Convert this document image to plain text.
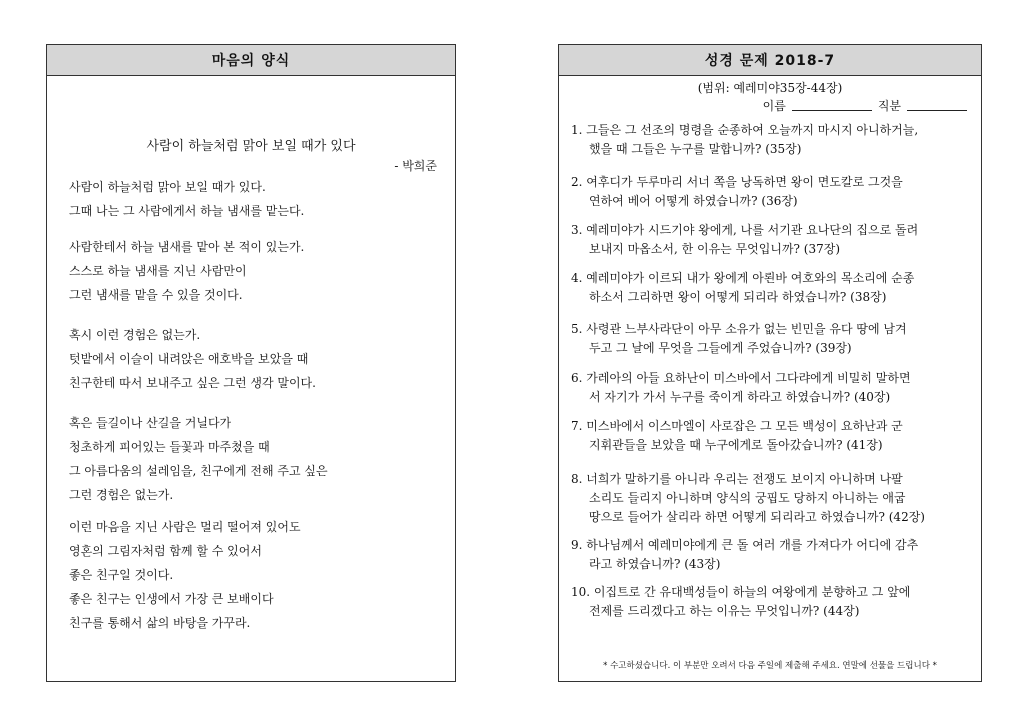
마음의 양식
사람이 하늘처럼 맑아 보일 때가 있다
- 박희준
사람이 하늘처럼 맑아 보일 때가 있다.
그때 나는 그 사람에게서 하늘 냄새를 맡는다.
사람한테서 하늘 냄새를 맡아 본 적이 있는가.
스스로 하늘 냄새를 지닌 사람만이
그런 냄새를 맡을 수 있을 것이다.
혹시 이런 경험은 없는가.
텃밭에서 이슬이 내려앉은 애호박을 보았을 때
친구한테 따서 보내주고 싶은 그런 생각 말이다.
혹은 들길이나 산길을 거닐다가
청초하게 피어있는 들꽃과 마주쳤을 때
그 아름다움의 설레임을, 친구에게 전해 주고 싶은
그런 경험은 없는가.
이런 마음을 지닌 사람은 멀리 떨어져 있어도
영혼의 그림자처럼 함께 할 수 있어서
좋은 친구일 것이다.
좋은 친구는 인생에서 가장 큰 보배이다
친구를 통해서 삶의 바탕을 가꾸라.
성경 문제 2018-7
(범위: 예레미야35장-44장)
이름	직분
1. 그들은 그 선조의 명령을 순종하여 오늘까지 마시지 아니하거늘,
했을 때 그들은 누구를 말합니까? (35장)
2. 여후디가 두루마리 서너 쪽을 낭독하면 왕이 면도칼로 그것을
연하여 베어 어떻게 하였습니까? (36장)
3. 예레미야가 시드기야 왕에게, 나를 서기관 요나단의 집으로 돌려
보내지 마옵소서, 한 이유는 무엇입니까? (37장)
4. 예레미야가 이르되 내가 왕에게 아뢴바 여호와의 목소리에 순종
하소서 그리하면 왕이 어떻게 되리라 하였습니까? (38장)
5. 사령관 느부사라단이 아무 소유가 없는 빈민을 유다 땅에 남겨
두고 그 날에 무엇을 그들에게 주었습니까? (39장)
6. 가레아의 아들 요하난이 미스바에서 그다랴에게 비밀히 말하면
서 자기가 가서 누구를 죽이게 하라고 하였습니까? (40장)
7. 미스바에서 이스마엘이 사로잡은 그 모든 백성이 요하난과 군
지휘관들을 보았을 때 누구에게로 돌아갔습니까? (41장)
8. 너희가 말하기를 아니라 우리는 전쟁도 보이지 아니하며 나팔
소리도 들리지 아니하며 양식의 궁핍도 당하지 아니하는 애굽
땅으로 들어가 살리라 하면 어떻게 되리라고 하였습니까? (42장)
9. 하나님께서 예레미야에게 큰 돌 여러 개를 가져다가 어디에 감추
라고 하였습니까? (43장)
10. 이집트로 간 유대백성들이 하늘의 여왕에게 분향하고 그 앞에
전제를 드리겠다고 하는 이유는 무엇입니까? (44장)
* 수고하셨습니다. 이 부분만 오려서 다음 주일에 제출해 주세요. 연말에 선물을 드립니다 *
